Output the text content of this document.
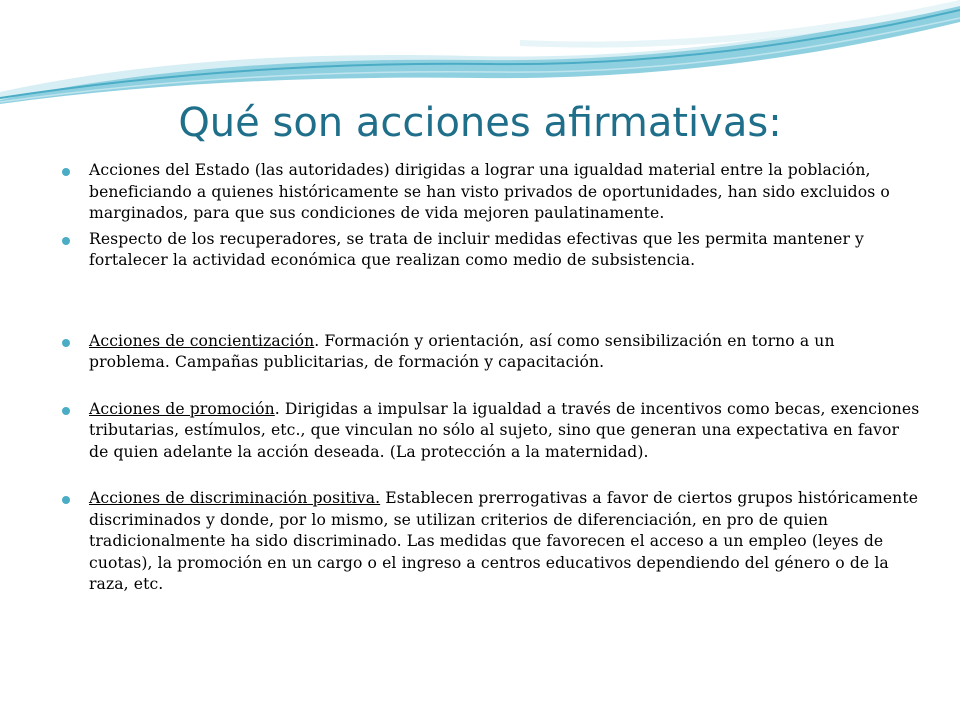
Qué son acciones afirmativas:
Acciones del Estado (las autoridades) dirigidas a lograr una igualdad material entre la población, beneficiando a quienes históricamente se han visto privados de oportunidades, han sido excluidos o marginados, para que sus condiciones de vida mejoren paulatinamente.
Respecto de los recuperadores, se trata de incluir medidas efectivas que les permita mantener y fortalecer la actividad económica que realizan como medio de subsistencia.
Acciones de concientización. Formación y orientación, así como sensibilización en torno a un problema. Campañas publicitarias, de formación y capacitación.
Acciones de promoción. Dirigidas a impulsar la igualdad a través de incentivos como becas, exenciones tributarias, estímulos, etc., que vinculan no sólo al sujeto, sino que generan una expectativa en favor de quien adelante la acción deseada. (La protección a la maternidad).
Acciones de discriminación positiva. Establecen prerrogativas a favor de ciertos grupos históricamente discriminados y donde, por lo mismo, se utilizan criterios de diferenciación, en pro de quien tradicionalmente ha sido discriminado. Las medidas que favorecen el acceso a un empleo (leyes de cuotas), la promoción en un cargo o el ingreso a centros educativos dependiendo del género o de la raza, etc.
